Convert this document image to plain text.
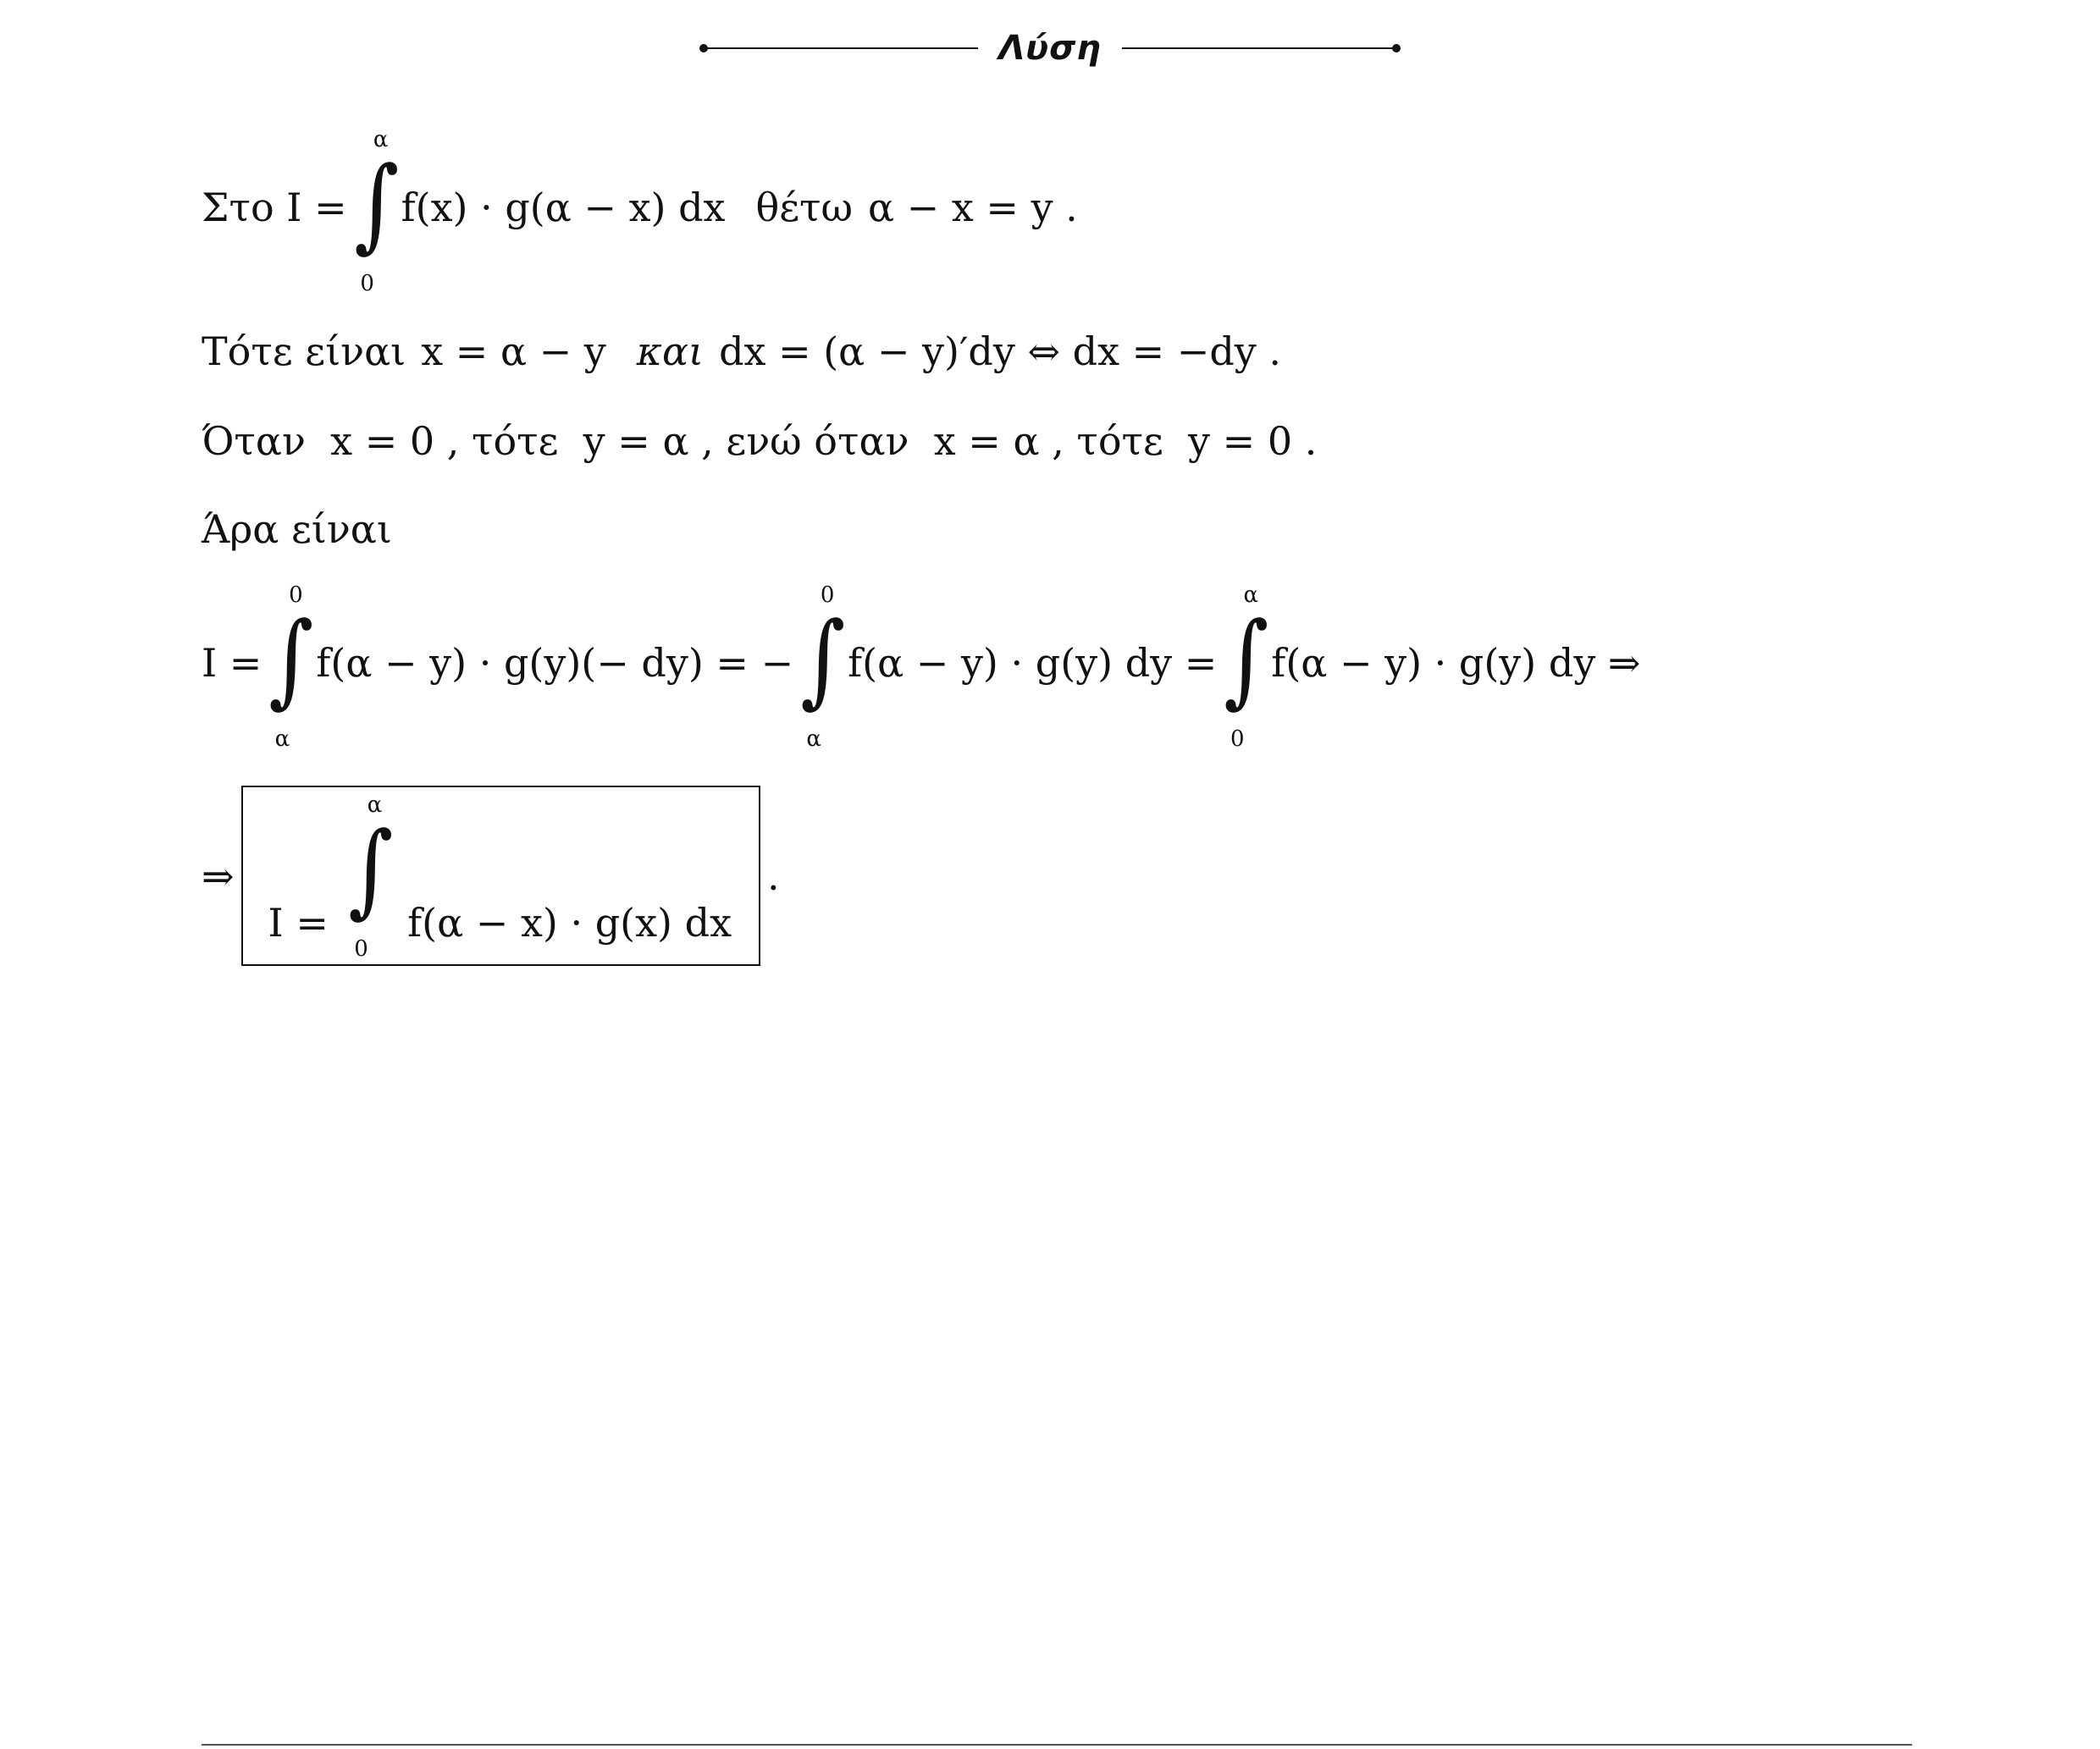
Λύση
Στο I =
α
∫
0
f(x) · g(α − x) dx θέτω α − x = y .
Τότε είναι x = α − y και dx = (α − y)′dy ⇔ dx = −dy .
Όταν  x = 0 , τότε  y = α , ενώ όταν  x = α , τότε  y = 0 .
Άρα είναι
I =
0
∫
α
f(α − y) · g(y)(− dy) = −
0
∫
α
f(α − y) · g(y) dy =
α
∫
0
f(α − y) · g(y) dy ⇒
⇒
I =
α
∫
0
f(α − x) · g(x) dx
.
